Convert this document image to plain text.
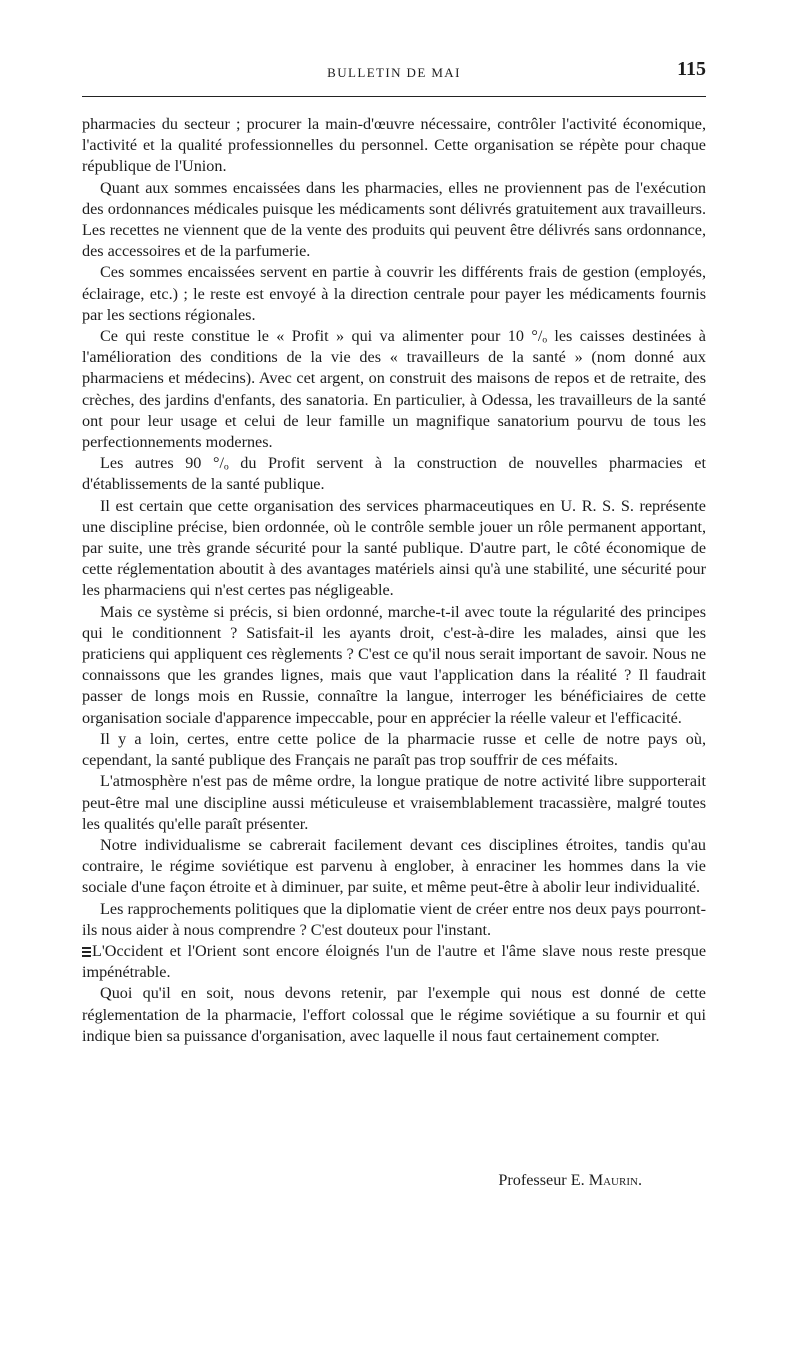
BULLETIN DE MAI	115

pharmacies du secteur ; procurer la main-d'œuvre nécessaire, contrôler l'activité économique, l'activité et la qualité professionnelles du personnel. Cette organisation se répète pour chaque république de l'Union.

Quant aux sommes encaissées dans les pharmacies, elles ne proviennent pas de l'exécution des ordonnances médicales puisque les médicaments sont délivrés gratuitement aux travailleurs. Les recettes ne viennent que de la vente des produits qui peuvent être délivrés sans ordonnance, des accessoires et de la parfumerie.

Ces sommes encaissées servent en partie à couvrir les différents frais de gestion (employés, éclairage, etc.) ; le reste est envoyé à la direction centrale pour payer les médicaments fournis par les sections régionales.

Ce qui reste constitue le « Profit » qui va alimenter pour 10 °/ₒ les caisses destinées à l'amélioration des conditions de la vie des « travailleurs de la santé » (nom donné aux pharmaciens et médecins). Avec cet argent, on construit des maisons de repos et de retraite, des crèches, des jardins d'enfants, des sanatoria. En particulier, à Odessa, les travailleurs de la santé ont pour leur usage et celui de leur famille un magnifique sanatorium pourvu de tous les perfectionnements modernes.

Les autres 90 °/ₒ du Profit servent à la construction de nouvelles pharmacies et d'établissements de la santé publique.

Il est certain que cette organisation des services pharmaceutiques en U. R. S. S. représente une discipline précise, bien ordonnée, où le contrôle semble jouer un rôle permanent apportant, par suite, une très grande sécurité pour la santé publique. D'autre part, le côté économique de cette réglementation aboutit à des avantages matériels ainsi qu'à une stabilité, une sécurité pour les pharmaciens qui n'est certes pas négligeable.

Mais ce système si précis, si bien ordonné, marche-t-il avec toute la régularité des principes qui le conditionnent ? Satisfait-il les ayants droit, c'est-à-dire les malades, ainsi que les praticiens qui appliquent ces règlements ? C'est ce qu'il nous serait important de savoir. Nous ne connaissons que les grandes lignes, mais que vaut l'application dans la réalité ? Il faudrait passer de longs mois en Russie, connaître la langue, interroger les bénéficiaires de cette organisation sociale d'apparence impeccable, pour en apprécier la réelle valeur et l'efficacité.

Il y a loin, certes, entre cette police de la pharmacie russe et celle de notre pays où, cependant, la santé publique des Français ne paraît pas trop souffrir de ces méfaits.

L'atmosphère n'est pas de même ordre, la longue pratique de notre activité libre supporterait peut-être mal une discipline aussi méticuleuse et vraisemblablement tracassière, malgré toutes les qualités qu'elle paraît présenter.

Notre individualisme se cabrerait facilement devant ces disciplines étroites, tandis qu'au contraire, le régime soviétique est parvenu à englober, à enraciner les hommes dans la vie sociale d'une façon étroite et à diminuer, par suite, et même peut-être à abolir leur individualité.

Les rapprochements politiques que la diplomatie vient de créer entre nos deux pays pourront-ils nous aider à nous comprendre ? C'est douteux pour l'instant.

L'Occident et l'Orient sont encore éloignés l'un de l'autre et l'âme slave nous reste presque impénétrable.

Quoi qu'il en soit, nous devons retenir, par l'exemple qui nous est donné de cette réglementation de la pharmacie, l'effort colossal que le régime soviétique a su fournir et qui indique bien sa puissance d'organisation, avec laquelle il nous faut certainement compter.

Professeur E. Maurin.
